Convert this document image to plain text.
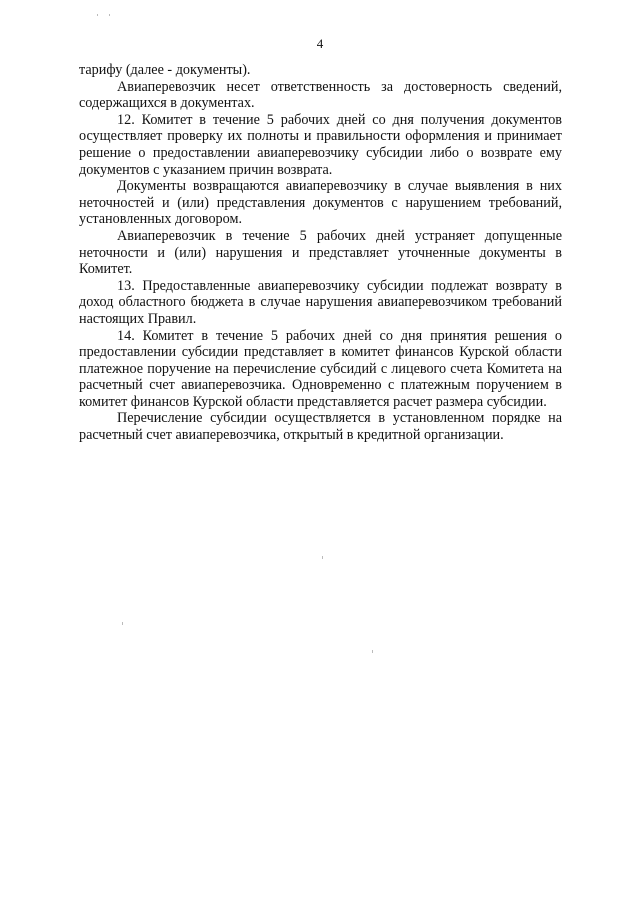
4

тарифу (далее - документы).

Авиаперевозчик несет ответственность за достоверность сведений, содержащихся в документах.

12. Комитет в течение 5 рабочих дней со дня получения документов осуществляет проверку их полноты и правильности оформления и принимает решение о предоставлении авиаперевозчику субсидии либо о возврате ему документов с указанием причин возврата.

Документы возвращаются авиаперевозчику в случае выявления в них неточностей и (или) представления документов с нарушением требований, установленных договором.

Авиаперевозчик в течение 5 рабочих дней устраняет допущенные неточности и (или) нарушения и представляет уточненные документы в Комитет.

13. Предоставленные авиаперевозчику субсидии подлежат возврату в доход областного бюджета в случае нарушения авиаперевозчиком требований настоящих Правил.

14. Комитет в течение 5 рабочих дней со дня принятия решения о предоставлении субсидии представляет в комитет финансов Курской области платежное поручение на перечисление субсидий с лицевого счета Комитета на расчетный счет авиаперевозчика. Одновременно с платежным поручением в комитет финансов Курской области представляется расчет размера субсидии.

Перечисление субсидии осуществляется в установленном порядке на расчетный счет авиаперевозчика, открытый в кредитной организации.
